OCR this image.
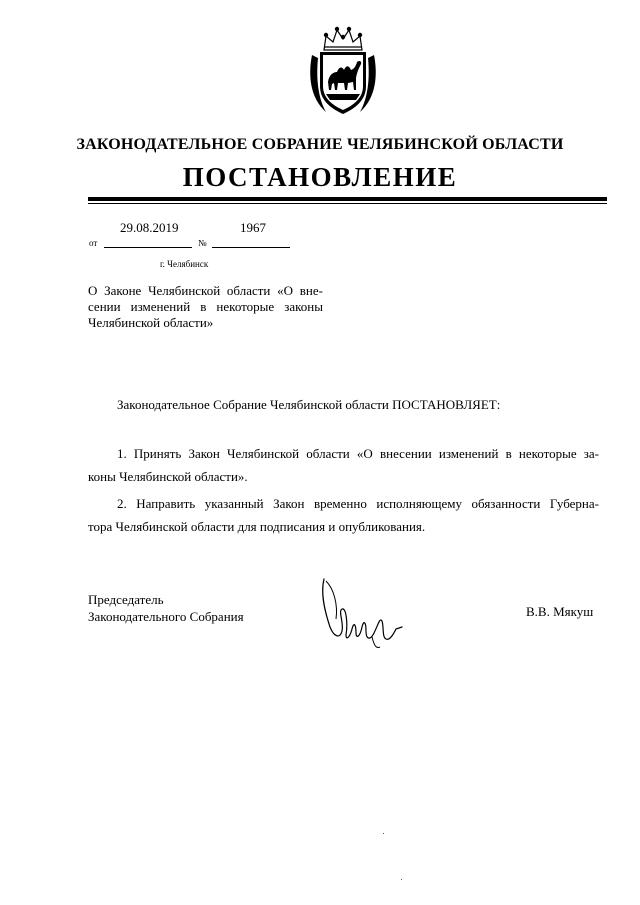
ЗАКОНОДАТЕЛЬНОЕ СОБРАНИЕ ЧЕЛЯБИНСКОЙ ОБЛАСТИ
ПОСТАНОВЛЕНИЕ
от
29.08.2019
№
1967
г. Челябинск
О Законе Челябинской области «О вне-
сении изменений в некоторые законы
Челябинской области»
Законодательное Собрание Челябинской области ПОСТАНОВЛЯЕТ:
1. Принять Закон Челябинской области «О внесении изменений в некоторые за-
коны Челябинской области».
2. Направить указанный Закон временно исполняющему обязанности Губерна-
тора Челябинской области для подписания и опубликования.
Председатель
Законодательного Собрания	В.В. Мякуш
